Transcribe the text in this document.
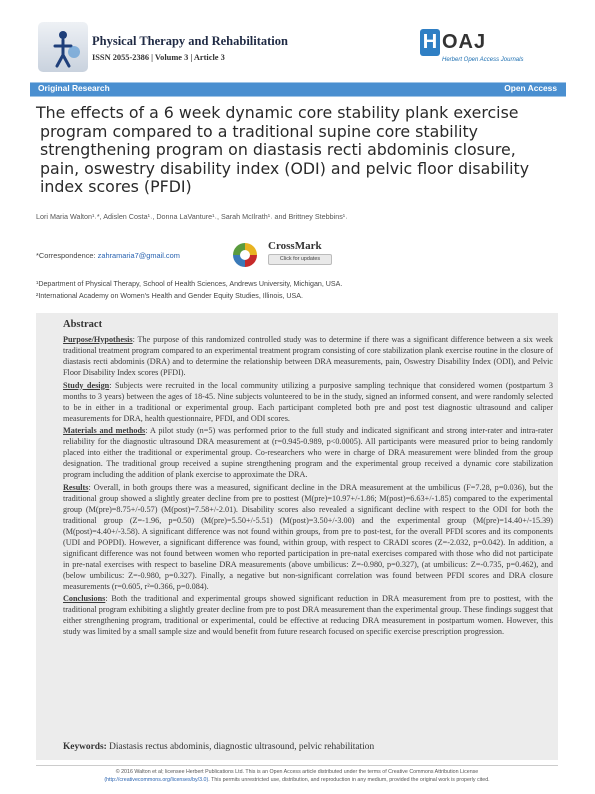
Physical Therapy and Rehabilitation
ISSN 2055-2386 | Volume 3 | Article 3
H OAJ
Herbert Open Access Journals
Original Research	Open Access
The effects of a 6 week dynamic core stability plank exercise
program compared to a traditional supine core stability
strengthening program on diastasis recti abdominis closure,
pain, oswestry disability index (ODI) and pelvic floor disability
index scores (PFDI)
Lori Maria Walton¹˒*, Adislen Costa¹˒, Donna LaVanture¹˒, Sarah McIlrath¹˒ and Brittney Stebbins¹˒
*Correspondence: zahramaria7@gmail.com
CrossMark
Click for updates
¹Department of Physical Therapy, School of Health Sciences, Andrews University, Michigan, USA.
²International Academy on Women's Health and Gender Equity Studies, Illinois, USA.
Abstract

Purpose/Hypothesis: The purpose of this randomized controlled study was to determine if there was a significant difference between a six week traditional treatment program compared to an experimental treatment program consisting of core stabilization plank exercise routine in the closure of diastasis recti abdominis (DRA) and to determine the relationship between DRA measurements, pain, Oswestry Disability Index (ODI), and Pelvic Floor Disability Index scores (PFDI).

Study design: Subjects were recruited in the local community utilizing a purposive sampling technique that considered women (postpartum 3 months to 3 years) between the ages of 18-45. Nine subjects volunteered to be in the study, signed an informed consent, and were randomly selected to be in either in a traditional or experimental group. Each participant completed both pre and post test diagnostic ultrasound and caliper measurements for DRA, health questionnaire, PFDI, and ODI scores.

Materials and methods: A pilot study (n=5) was performed prior to the full study and indicated significant and strong inter-rater and intra-rater reliability for the diagnostic ultrasound DRA measurement at (r=0.945-0.989, p<0.0005). All participants were measured prior to being randomly placed into either the traditional or experimental group. Co-researchers who were in charge of DRA measurement were blinded from the group designation. The traditional group received a supine strengthening program and the experimental group received a dynamic core stabilization program including the addition of plank exercise to approximate the DRA.

Results: Overall, in both groups there was a measured, significant decline in the DRA measurement at the umbilicus (F=7.28, p=0.036), but the traditional group showed a slightly greater decline from pre to posttest (M(pre)=10.97+/-1.86; M(post)=6.63+/-1.85) compared to the experimental group (M(pre)=8.75+/-0.57) (M(post)=7.58+/-2.01). Disability scores also revealed a significant decline with respect to the ODI for both the traditional group (Z=-1.96, p=0.50) (M(pre)=5.50+/-5.51) (M(post)=3.50+/-3.00) and the experimental group (M(pre)=14.40+/-15.39) (M(post)=4.40+/-3.58). A significant difference was not found within groups, from pre to post-test, for the overall PFDI scores and its components (UDI and POPDI). However, a significant difference was found, within group, with respect to CRADI scores (Z=-2.032, p=0.042). In addition, a significant difference was not found between women who reported participation in pre-natal exercises compared with those who did not participate in pre-natal exercises with respect to baseline DRA measurements (above umbilicus: Z=-0.980, p=0.327), (at umbilicus: Z=-0.735, p=0.462), and (below umbilicus: Z=-0.980, p=0.327). Finally, a negative but non-significant correlation was found between PFDI scores and DRA closure measurements (r=0.605, r²=0.366, p=0.084).

Conclusions: Both the traditional and experimental groups showed significant reduction in DRA measurement from pre to posttest, with the traditional program exhibiting a slightly greater decline from pre to post DRA measurement than the experimental group. These findings suggest that either strengthening program, traditional or experimental, could be effective at reducing DRA measurement in postpartum women. However, this study was limited by a small sample size and would benefit from future research focused on specific exercise prescription progression.

Keywords: Diastasis rectus abdominis, diagnostic ultrasound, pelvic rehabilitation
© 2016 Walton et al; licensee Herbert Publications Ltd. This is an Open Access article distributed under the terms of Creative Commons Attribution License
(http://creativecommons.org/licenses/by/3.0). This permits unrestricted use, distribution, and reproduction in any medium, provided the original work is properly cited.
